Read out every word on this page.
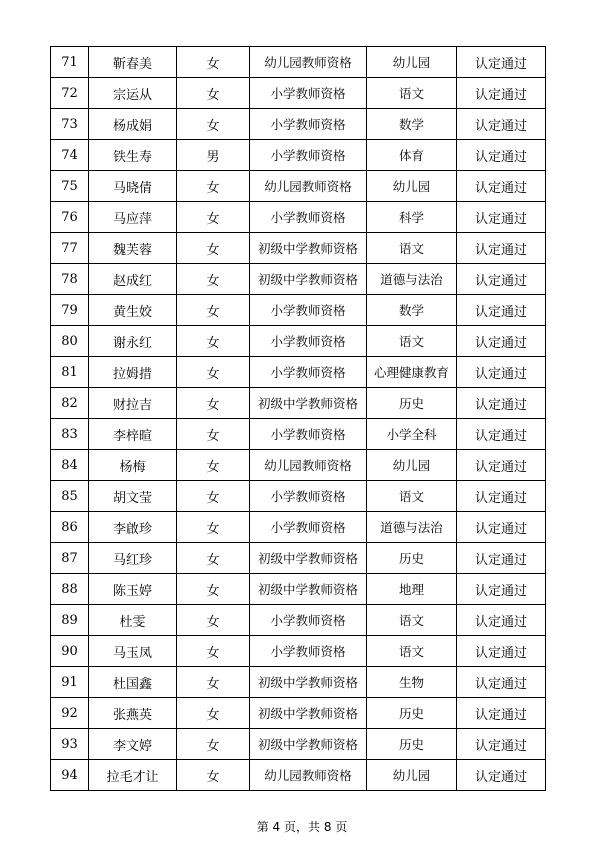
71	靳春美	女	幼儿园教师资格	幼儿园	认定通过
72	宗运从	女	小学教师资格	语文	认定通过
73	杨成娟	女	小学教师资格	数学	认定通过
74	铁生寿	男	小学教师资格	体育	认定通过
75	马晓倩	女	幼儿园教师资格	幼儿园	认定通过
76	马应萍	女	小学教师资格	科学	认定通过
77	魏芙蓉	女	初级中学教师资格	语文	认定通过
78	赵成红	女	初级中学教师资格	道德与法治	认定通过
79	黄生姣	女	小学教师资格	数学	认定通过
80	谢永红	女	小学教师资格	语文	认定通过
81	拉姆措	女	小学教师资格	心理健康教育	认定通过
82	财拉吉	女	初级中学教师资格	历史	认定通过
83	李梓暄	女	小学教师资格	小学全科	认定通过
84	杨梅	女	幼儿园教师资格	幼儿园	认定通过
85	胡文莹	女	小学教师资格	语文	认定通过
86	李啟珍	女	小学教师资格	道德与法治	认定通过
87	马红珍	女	初级中学教师资格	历史	认定通过
88	陈玉婷	女	初级中学教师资格	地理	认定通过
89	杜雯	女	小学教师资格	语文	认定通过
90	马玉凤	女	小学教师资格	语文	认定通过
91	杜国鑫	女	初级中学教师资格	生物	认定通过
92	张燕英	女	初级中学教师资格	历史	认定通过
93	李文婷	女	初级中学教师资格	历史	认定通过
94	拉毛才让	女	幼儿园教师资格	幼儿园	认定通过
第 4 页，共 8 页
